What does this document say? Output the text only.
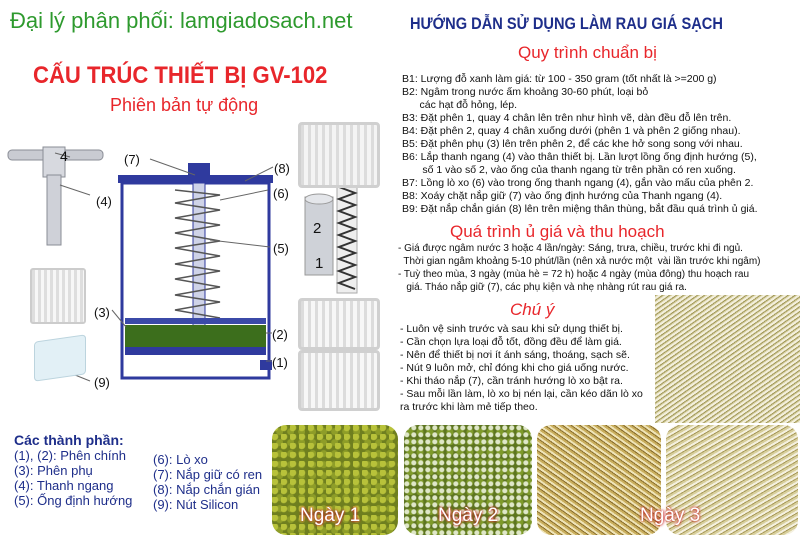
Đại lý phân phối: lamgiadosach.net	HƯỚNG DẪN SỬ DỤNG LÀM RAU GIÁ SẠCH
CẤU TRÚC THIẾT BỊ GV-102
Phiên bản tự động
4	(7)
(4)
(8)
(6)
2
(5)
1
(3)
(2)
(1)
(9)
Quy trình chuẩn bị
B1: Lượng đỗ xanh làm giá: từ 100 - 350 gram (tốt nhất là >=200 g)
B2: Ngâm trong nước ấm khoảng 30-60 phút, loại bỏ
các hạt đỗ hỏng, lép.
B3: Đặt phên 1, quay 4 chân lên trên như hình vẽ, dàn đều đỗ lên trên.
B4: Đặt phên 2, quay 4 chân xuống dưới (phên 1 và phên 2 giống nhau).
B5: Đặt phên phụ (3) lên trên phên 2, để các khe hở song song với nhau.
B6: Lắp thanh ngang (4) vào thân thiết bị. Lần lượt lồng ống định hướng (5),
số 1 vào số 2, vào ống của thanh ngang từ trên phần có ren xuống.
B7: Lồng lò xo (6) vào trong ống thanh ngang (4), gắn vào mấu của phên 2.
B8: Xoáy chặt nắp giữ (7) vào ống định hướng của Thanh ngang (4).
B9: Đặt nắp chắn gián (8) lên trên miệng thân thùng, bắt đầu quá trình ủ giá.
Quá trình ủ giá và thu hoạch
- Giá được ngâm nước 3 hoặc 4 lần/ngày: Sáng, trưa, chiều, trước khi đi ngủ.
Thời gian ngâm khoảng 5-10 phút/lần (nên xả nước một  vài lần trước khi ngâm)
- Tuỳ theo mùa, 3 ngày (mùa hè = 72 h) hoặc 4 ngày (mùa đông) thu hoạch rau
giá. Tháo nắp giữ (7), các phụ kiện và nhẹ nhàng rút rau giá ra.
Chú ý
- Luôn vệ sinh trước và sau khi sử dụng thiết bị.
- Cần chọn lựa loại đỗ tốt, đồng đều để làm giá.
- Nên để thiết bị nơi ít ánh sáng, thoáng, sạch sẽ.
- Nút 9 luôn mở, chỉ đóng khi cho giá uống nước.
- Khi tháo nắp (7), cần tránh hướng lò xo bật ra.
- Sau mỗi lần làm, lò xo bị nén lại, cần kéo dãn lò xo
ra trước khi làm mẻ tiếp theo.
Các thành phần:
(1), (2): Phên chính
(3): Phên phụ
(4): Thanh ngang
(5): Ống định hướng
(6): Lò xo
(7): Nắp giữ có ren
(8): Nắp chắn gián
(9): Nút Silicon
Ngày 1	Ngày 2	Ngày 3
